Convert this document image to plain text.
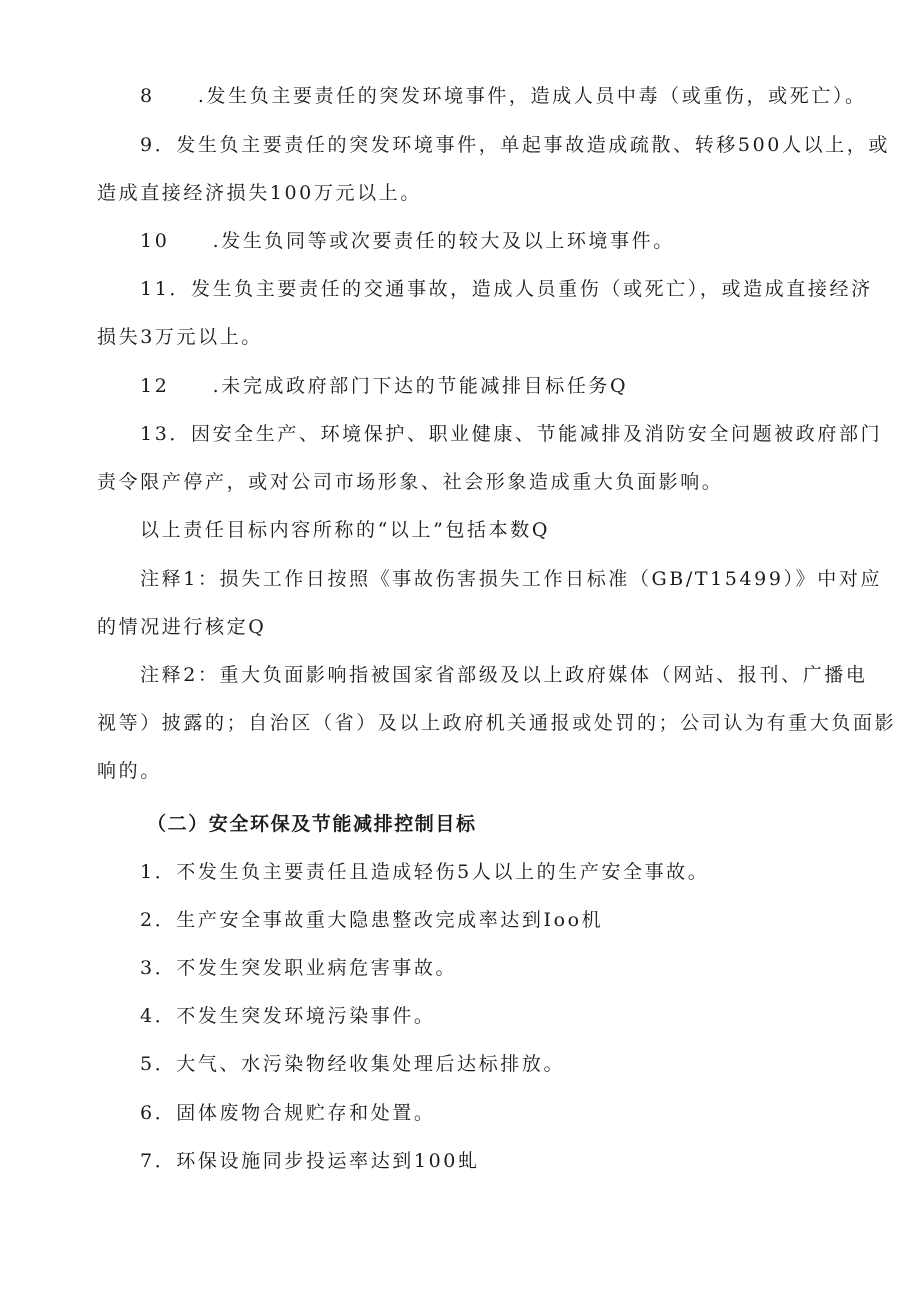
8　　.发生负主要责任的突发环境事件，造成人员中毒（或重伤，或死亡）。
9．发生负主要责任的突发环境事件，单起事故造成疏散、转移500人以上，或
造成直接经济损失100万元以上。
10　　.发生负同等或次要责任的较大及以上环境事件。
11．发生负主要责任的交通事故，造成人员重伤（或死亡），或造成直接经济
损失3万元以上。
12　　.未完成政府部门下达的节能减排目标任务Q
13．因安全生产、环境保护、职业健康、节能减排及消防安全问题被政府部门
责令限产停产，或对公司市场形象、社会形象造成重大负面影响。
以上责任目标内容所称的“以上”包括本数Q
注释1：损失工作日按照《事故伤害损失工作日标准（GB/T15499）》中对应
的情况进行核定Q
注释2：重大负面影响指被国家省部级及以上政府媒体（网站、报刊、广播电
视等）披露的；自治区（省）及以上政府机关通报或处罚的；公司认为有重大负面影
响的。
（二）安全环保及节能减排控制目标
1．不发生负主要责任且造成轻伤5人以上的生产安全事故。
2．生产安全事故重大隐患整改完成率达到Ioo机
3．不发生突发职业病危害事故。
4．不发生突发环境污染事件。
5．大气、水污染物经收集处理后达标排放。
6．固体废物合规贮存和处置。
7．环保设施同步投运率达到100虬
